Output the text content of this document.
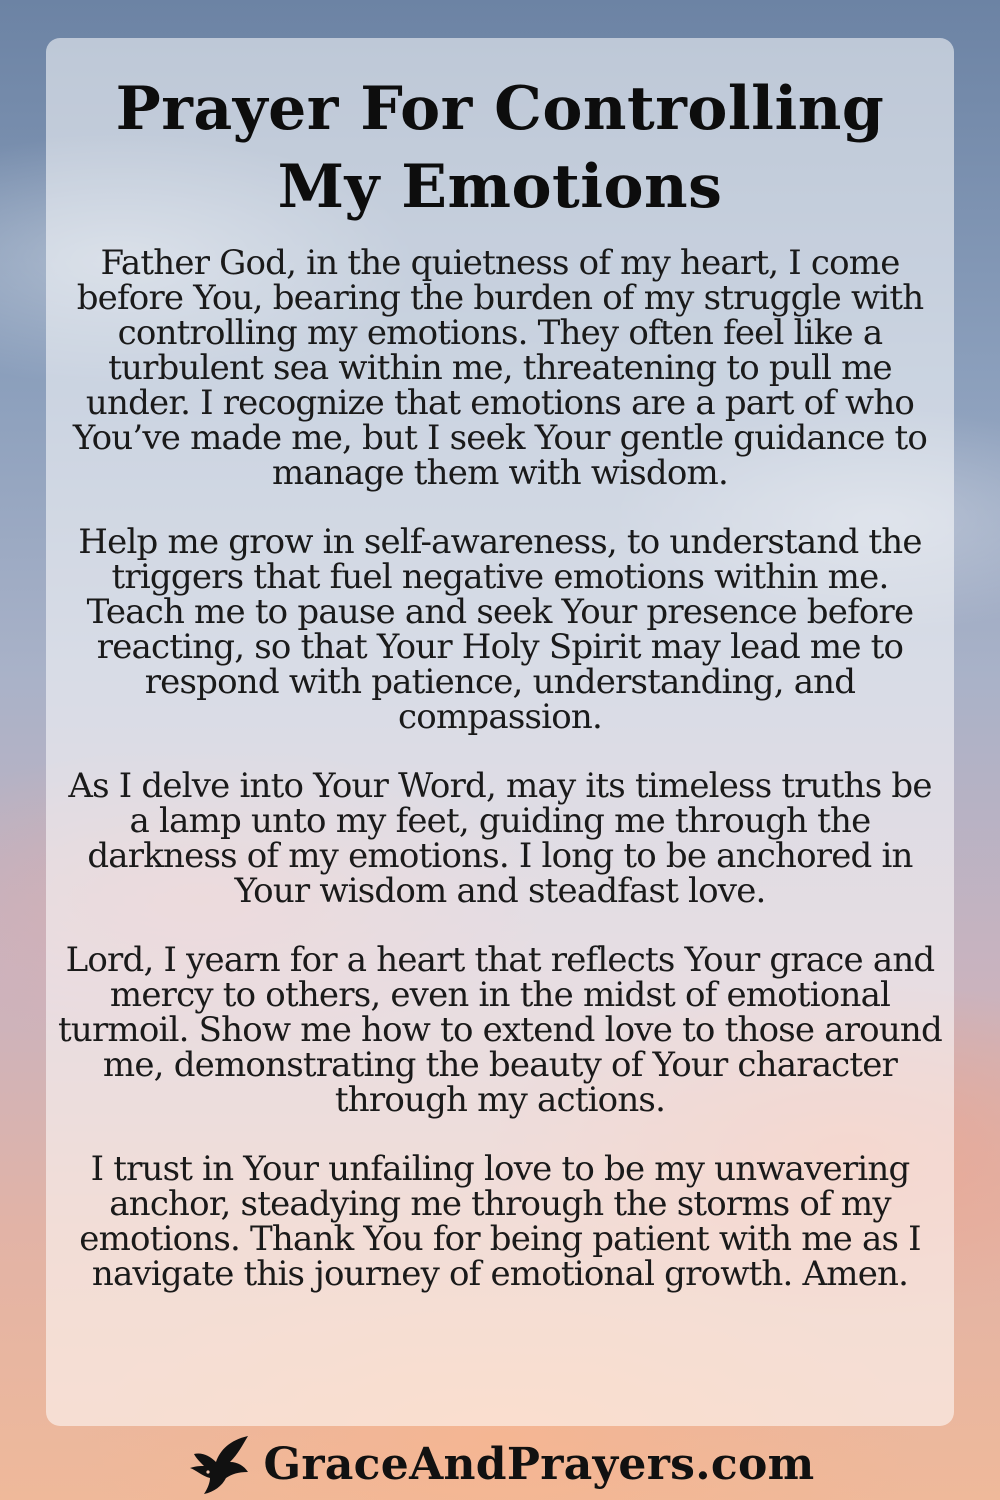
Prayer For Controlling
My Emotions

Father God, in the quietness of my heart, I come before You, bearing the burden of my struggle with controlling my emotions. They often feel like a turbulent sea within me, threatening to pull me under. I recognize that emotions are a part of who You’ve made me, but I seek Your gentle guidance to manage them with wisdom.

Help me grow in self-awareness, to understand the triggers that fuel negative emotions within me. Teach me to pause and seek Your presence before reacting, so that Your Holy Spirit may lead me to respond with patience, understanding, and compassion.

As I delve into Your Word, may its timeless truths be a lamp unto my feet, guiding me through the darkness of my emotions. I long to be anchored in Your wisdom and steadfast love.

Lord, I yearn for a heart that reflects Your grace and mercy to others, even in the midst of emotional turmoil. Show me how to extend love to those around me, demonstrating the beauty of Your character through my actions.

I trust in Your unfailing love to be my unwavering anchor, steadying me through the storms of my emotions. Thank You for being patient with me as I navigate this journey of emotional growth. Amen.

GraceAndPrayers.com
